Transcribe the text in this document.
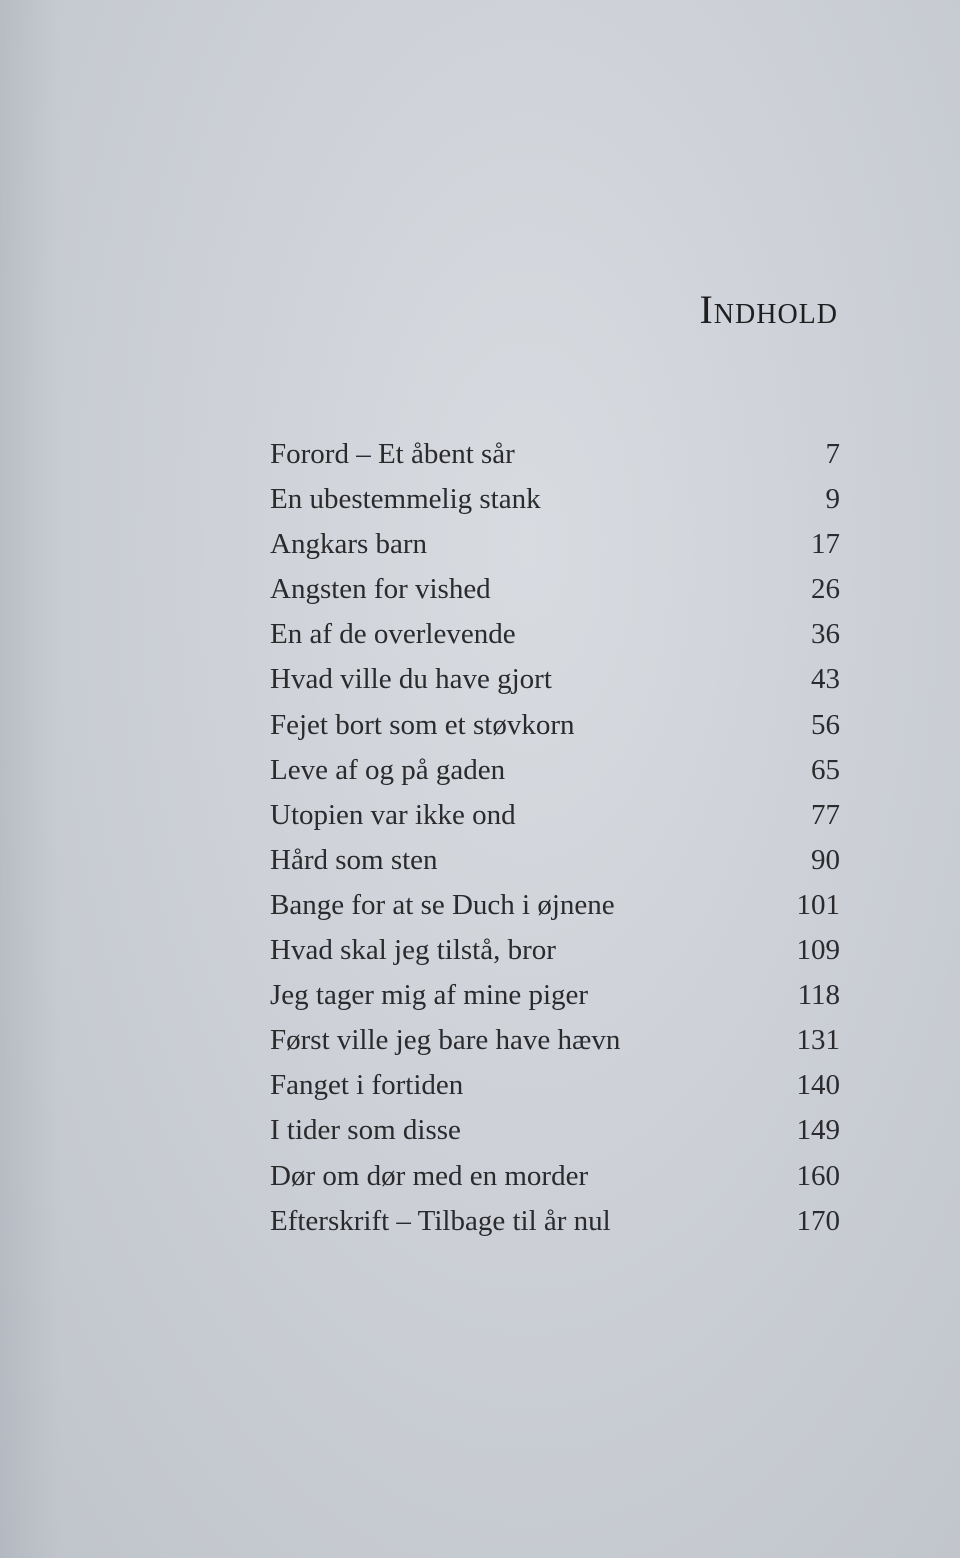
Indhold
Forord – Et åbent sår	7
En ubestemmelig stank	9
Angkars barn	17
Angsten for vished	26
En af de overlevende	36
Hvad ville du have gjort	43
Fejet bort som et støvkorn	56
Leve af og på gaden	65
Utopien var ikke ond	77
Hård som sten	90
Bange for at se Duch i øjnene	101
Hvad skal jeg tilstå, bror	109
Jeg tager mig af mine piger	118
Først ville jeg bare have hævn	131
Fanget i fortiden	140
I tider som disse	149
Dør om dør med en morder	160
Efterskrift – Tilbage til år nul	170
